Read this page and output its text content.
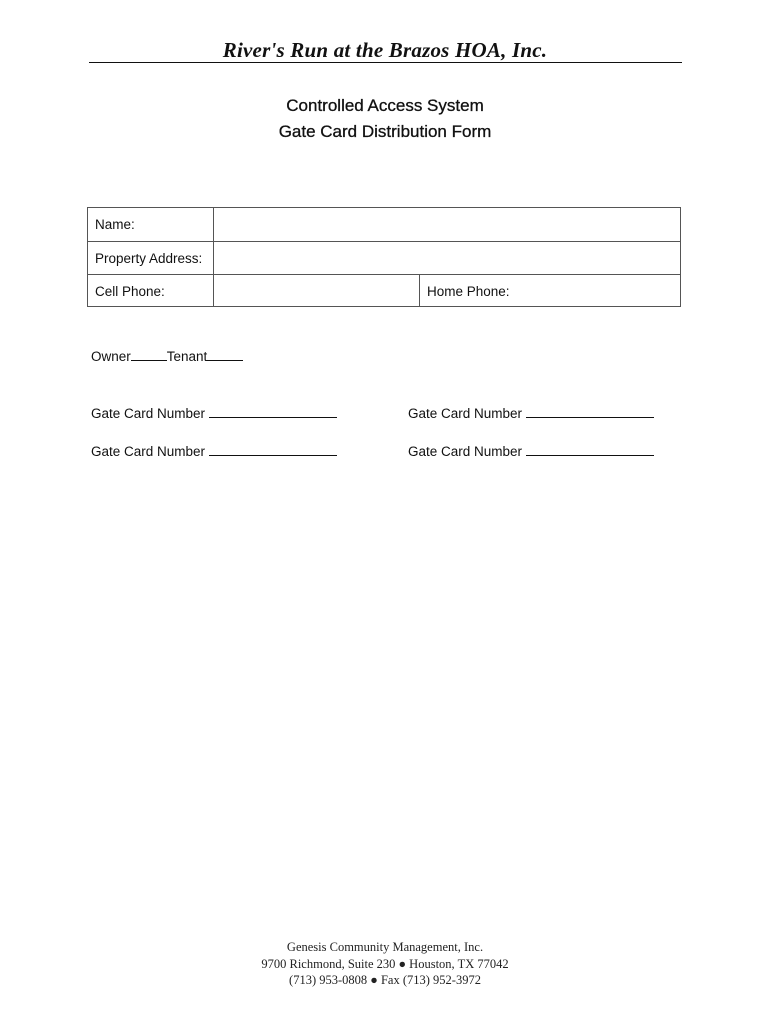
River's Run at the Brazos HOA, Inc.
Controlled Access System
Gate Card Distribution Form
Name:
Property Address:
Cell Phone:	Home Phone:
Owner	Tenant
Gate Card Number	Gate Card Number
Gate Card Number	Gate Card Number
Genesis Community Management, Inc.
9700 Richmond, Suite 230 ● Houston, TX 77042
(713) 953-0808 ● Fax (713) 952-3972
